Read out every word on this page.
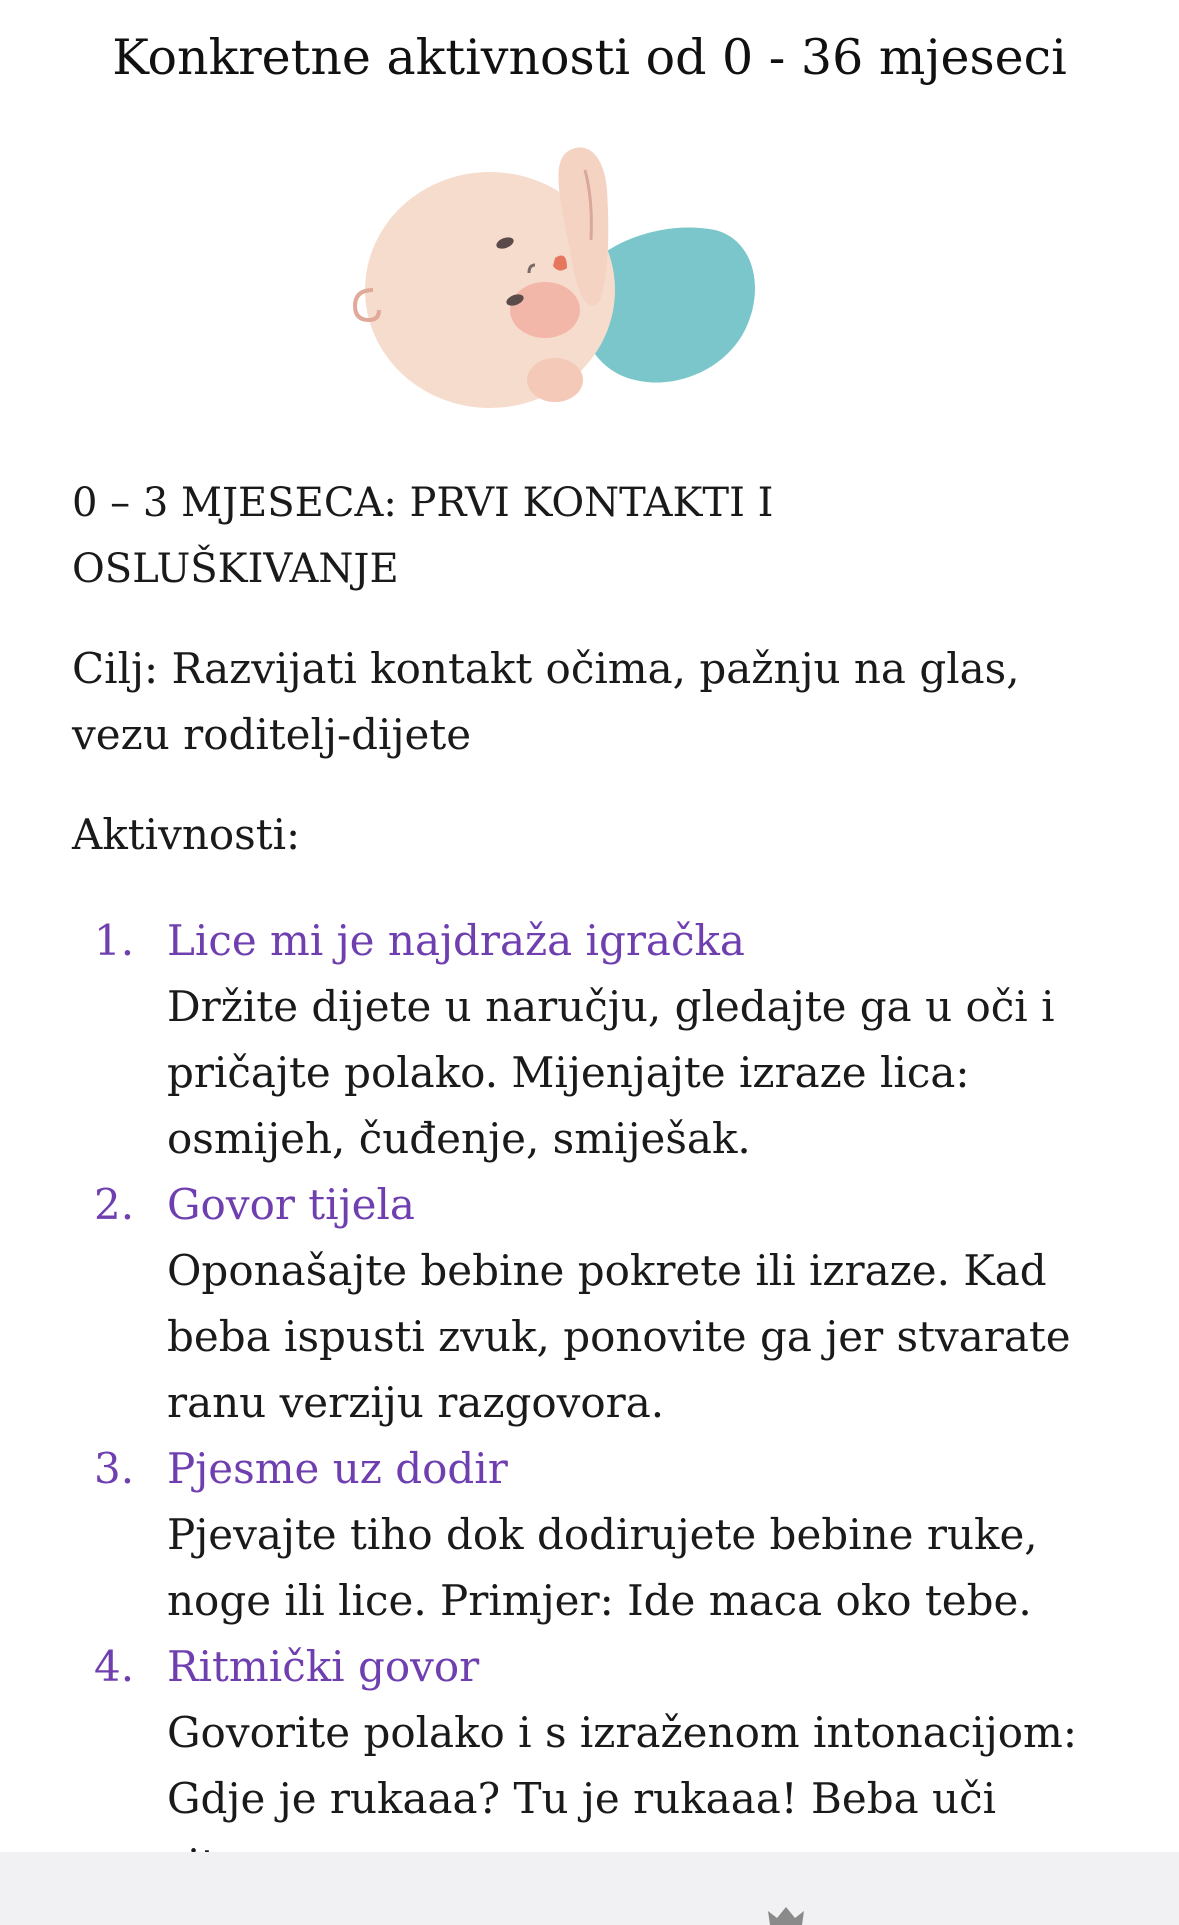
Konkretne aktivnosti od 0 - 36 mjeseci
0 – 3 MJESECA: PRVI KONTAKTI I
OSLUŠKIVANJE
Cilj: Razvijati kontakt očima, pažnju na glas, vezu roditelj-dijete
Aktivnosti:
1. Lice mi je najdraža igračka
Držite dijete u naručju, gledajte ga u oči i pričajte polako. Mijenjajte izraze lica: osmijeh, čuđenje, smiješak.
2. Govor tijela
Oponašajte bebine pokrete ili izraze. Kad beba ispusti zvuk, ponovite ga jer stvarate ranu verziju razgovora.
3. Pjesme uz dodir
Pjevajte tiho dok dodirujete bebine ruke, noge ili lice. Primjer: Ide maca oko tebe.
4. Ritmički govor
Govorite polako i s izraženom intonacijom: Gdje je rukaaa? Tu je rukaaa! Beba uči
